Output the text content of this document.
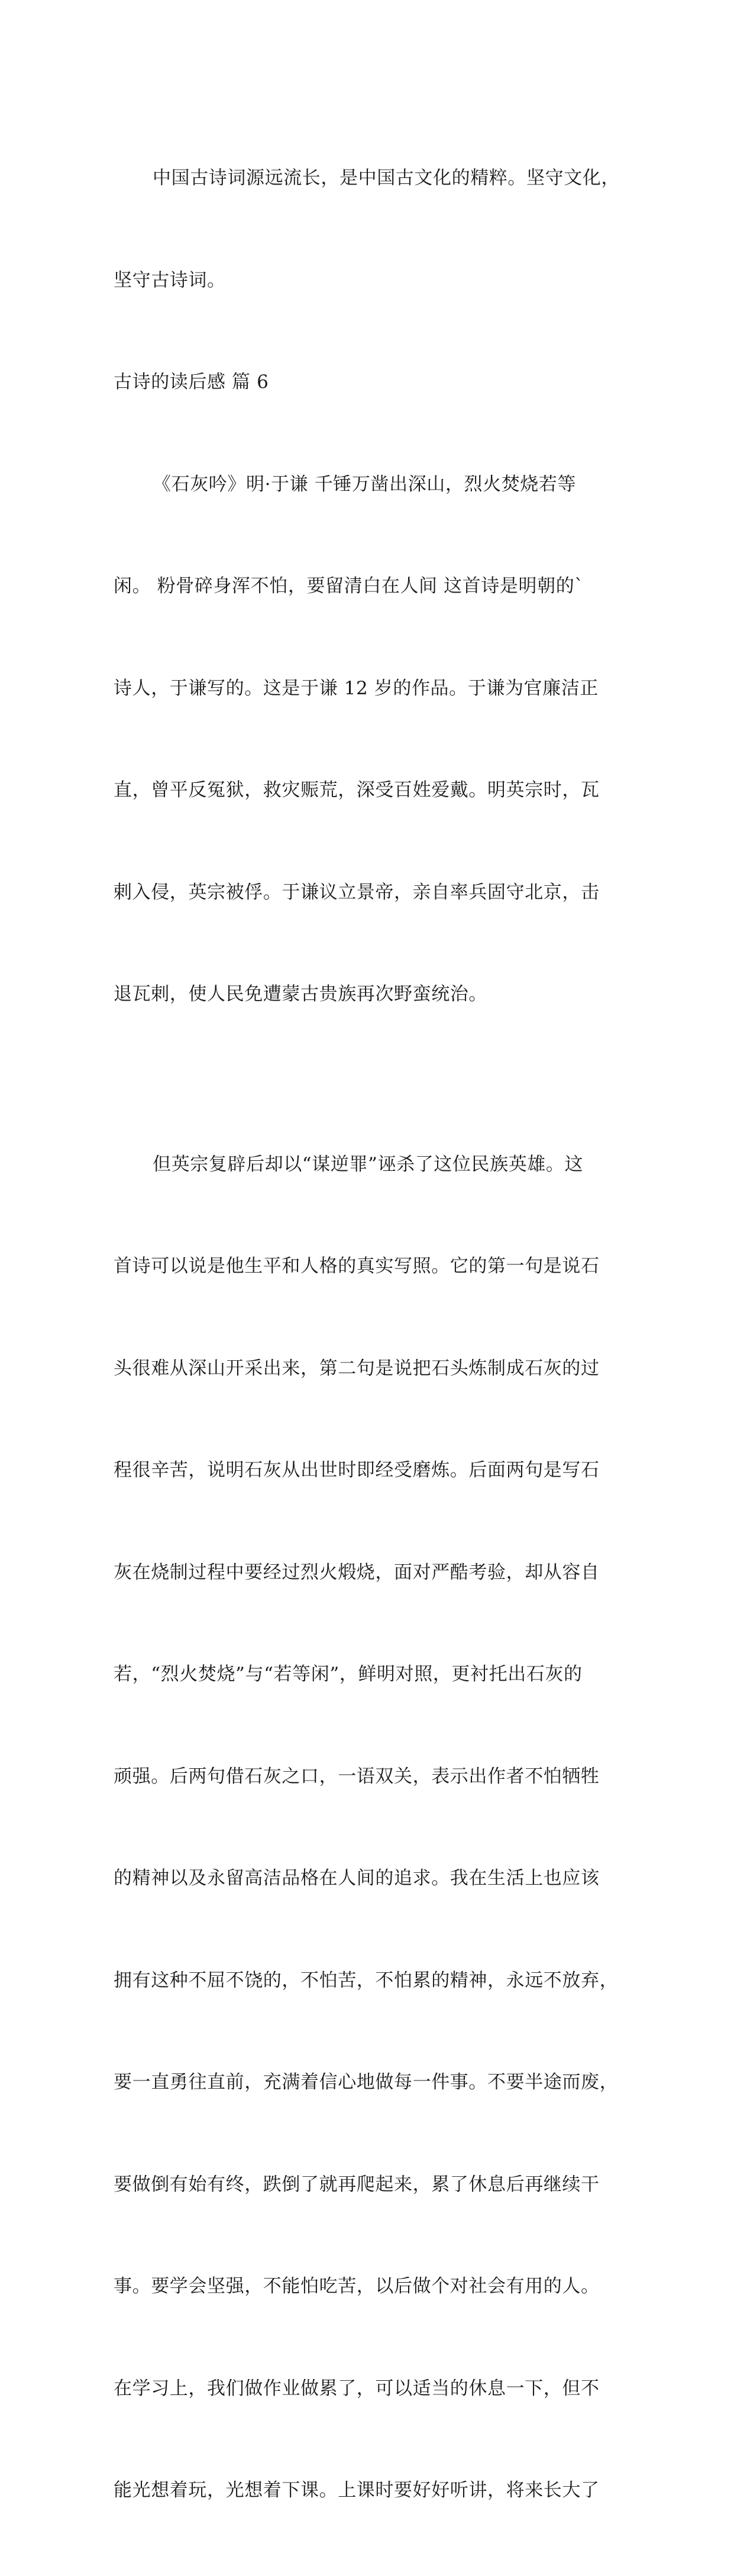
中国古诗词源远流长，是中国古文化的精粹。坚守文化，

坚守古诗词。

古诗的读后感 篇 6

《石灰吟》明·于谦 千锤万凿出深山，烈火焚烧若等

闲。 粉骨碎身浑不怕，要留清白在人间 这首诗是明朝的`

诗人，于谦写的。这是于谦 12 岁的作品。于谦为官廉洁正

直，曾平反冤狱，救灾赈荒，深受百姓爱戴。明英宗时，瓦

剌入侵，英宗被俘。于谦议立景帝，亲自率兵固守北京，击

退瓦剌，使人民免遭蒙古贵族再次野蛮统治。

但英宗复辟后却以“谋逆罪”诬杀了这位民族英雄。这

首诗可以说是他生平和人格的真实写照。它的第一句是说石

头很难从深山开采出来，第二句是说把石头炼制成石灰的过

程很辛苦，说明石灰从出世时即经受磨炼。后面两句是写石

灰在烧制过程中要经过烈火煅烧，面对严酷考验，却从容自

若，“烈火焚烧”与“若等闲”，鲜明对照，更衬托出石灰的

顽强。后两句借石灰之口，一语双关，表示出作者不怕牺牲

的精神以及永留高洁品格在人间的追求。我在生活上也应该

拥有这种不屈不饶的，不怕苦，不怕累的精神，永远不放弃，

要一直勇往直前，充满着信心地做每一件事。不要半途而废，

要做倒有始有终，跌倒了就再爬起来，累了休息后再继续干

事。要学会坚强，不能怕吃苦，以后做个对社会有用的人。

在学习上，我们做作业做累了，可以适当的休息一下，但不

能光想着玩，光想着下课。上课时要好好听讲，将来长大了
